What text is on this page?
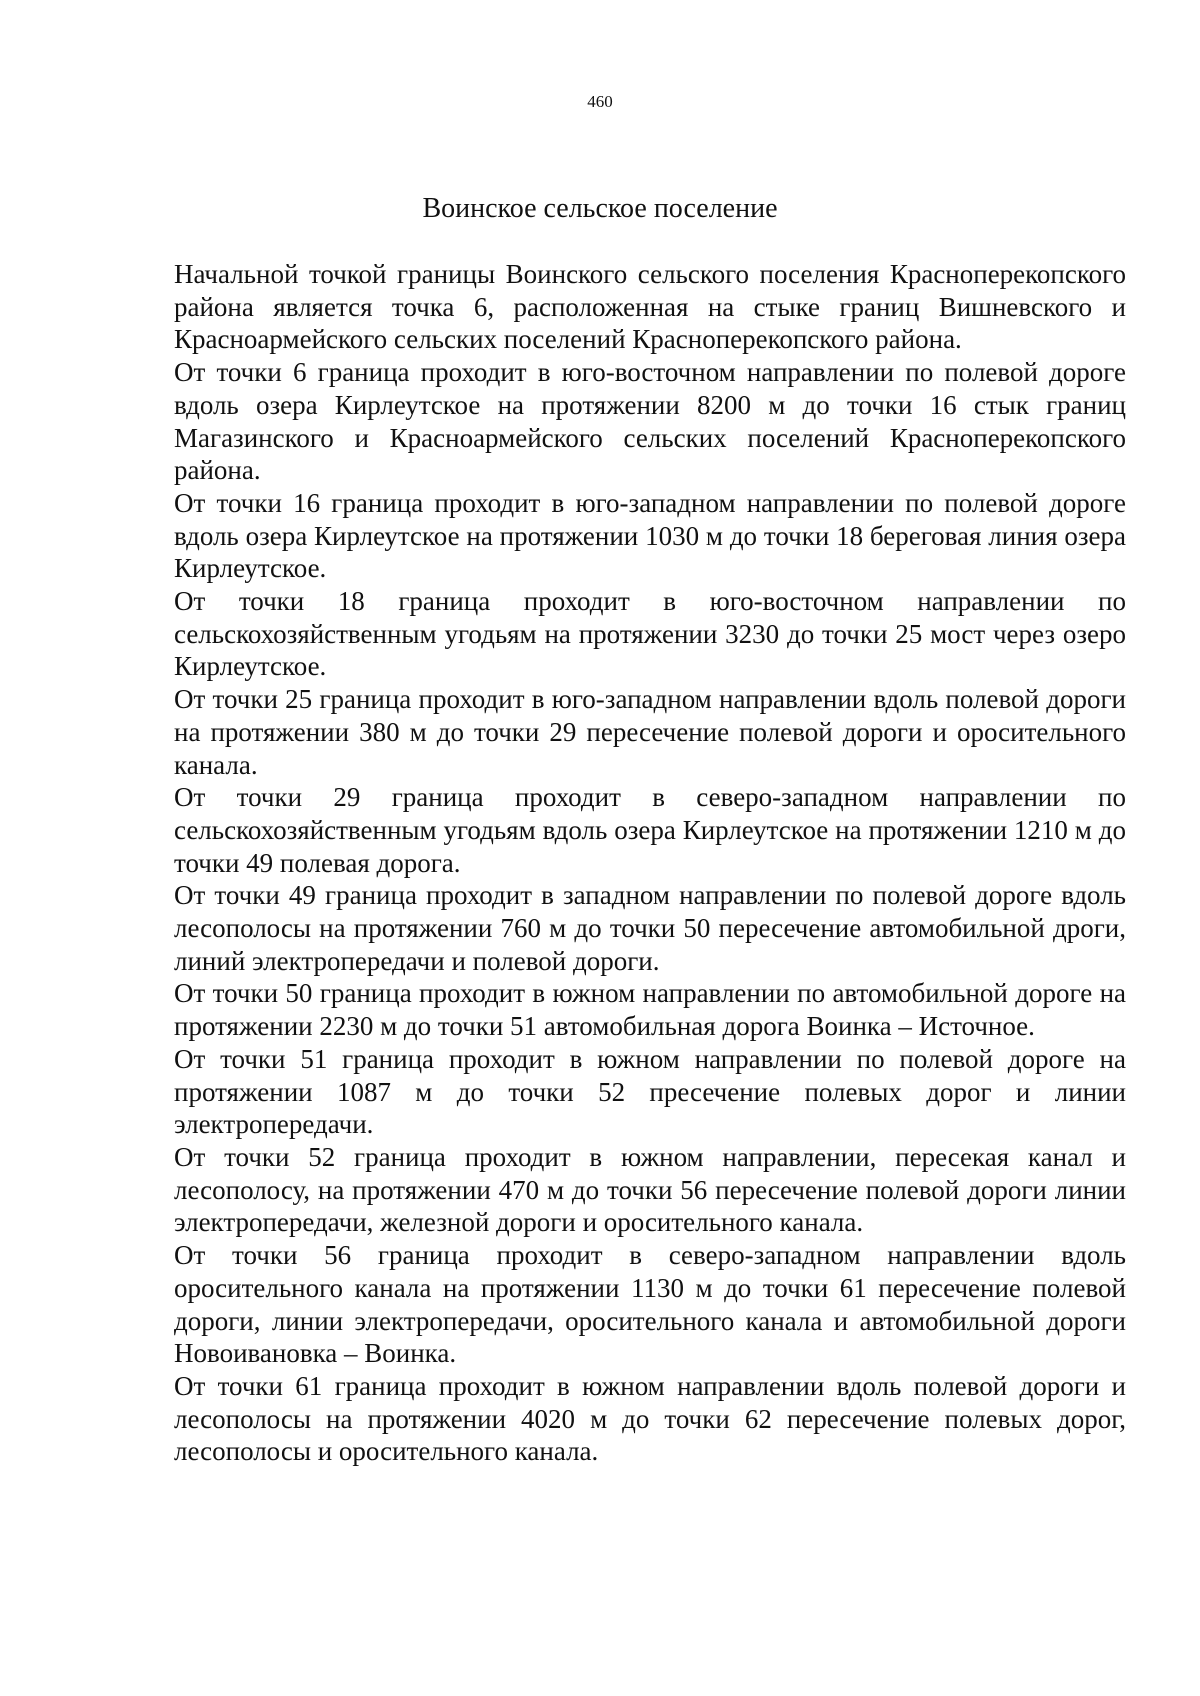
460
Воинское сельское поселение

Начальной точкой границы Воинского сельского поселения Красноперекопского района является точка 6, расположенная на стыке границ Вишневского и Красноармейского сельских поселений Красноперекопского района.

От точки 6 граница проходит в юго-восточном направлении по полевой дороге вдоль озера Кирлеутское на протяжении 8200 м до точки 16 стык границ Магазинского и Красноармейского сельских поселений Красноперекопского района.

От точки 16 граница проходит в юго-западном направлении по полевой дороге вдоль озера Кирлеутское на протяжении 1030 м до точки 18 береговая линия озера Кирлеутское.

От точки 18 граница проходит в юго-восточном направлении по сельскохозяйственным угодьям на протяжении 3230 до точки 25 мост через озеро Кирлеутское.

От точки 25 граница проходит в юго-западном направлении вдоль полевой дороги на протяжении 380 м до точки 29 пересечение полевой дороги и оросительного канала.

От точки 29 граница проходит в северо-западном направлении по сельскохозяйственным угодьям вдоль озера Кирлеутское на протяжении 1210 м до точки 49 полевая дорога.

От точки 49 граница проходит в западном направлении по полевой дороге вдоль лесополосы на протяжении 760 м до точки 50 пересечение автомобильной дроги, линий электропередачи и полевой дороги.

От точки 50 граница проходит в южном направлении по автомобильной дороге на протяжении 2230 м до точки 51 автомобильная дорога Воинка – Источное.

От точки 51 граница проходит в южном направлении по полевой дороге на протяжении 1087 м до точки 52 пресечение полевых дорог и линии электропередачи.

От точки 52 граница проходит в южном направлении, пересекая канал и лесополосу, на протяжении 470 м до точки 56 пересечение полевой дороги линии электропередачи, железной дороги и оросительного канала.

От точки 56 граница проходит в северо-западном направлении вдоль оросительного канала на протяжении 1130 м до точки 61 пересечение полевой дороги, линии электропередачи, оросительного канала и автомобильной дороги Новоивановка – Воинка.

От точки 61 граница проходит в южном направлении вдоль полевой дороги и лесополосы на протяжении 4020 м до точки 62 пересечение полевых дорог, лесополосы и оросительного канала.
